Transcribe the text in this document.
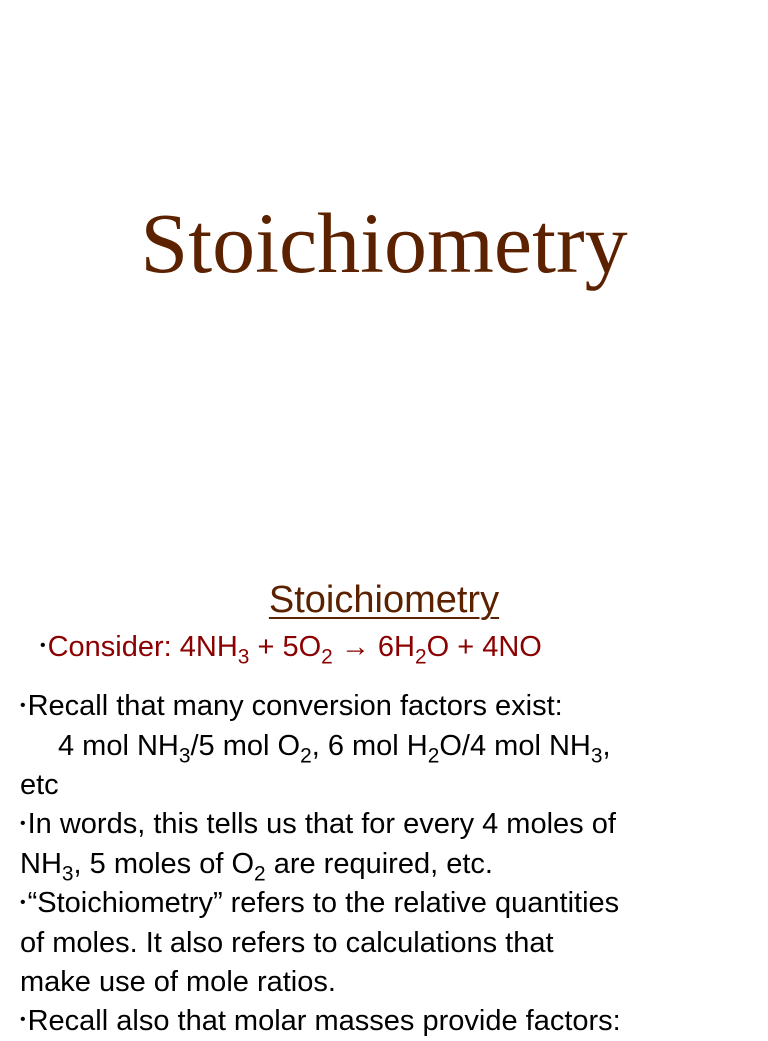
Stoichiometry
Stoichiometry
•Consider: $4NH_3 + 5O_2 \to 6H_2O + 4NO$

•Recall that many conversion factors exist:
4 mol $NH_3/5$ mol $O_2$, 6 mol $H_2O/4$ mol $NH_3$,
etc

•In words, this tells us that for every 4 moles of
$NH_3$, 5 moles of $O_2$ are required, etc.

•“Stoichiometry” refers to the relative quantities
of moles. It also refers to calculations that
make use of mole ratios.

•Recall also that molar masses provide factors:
